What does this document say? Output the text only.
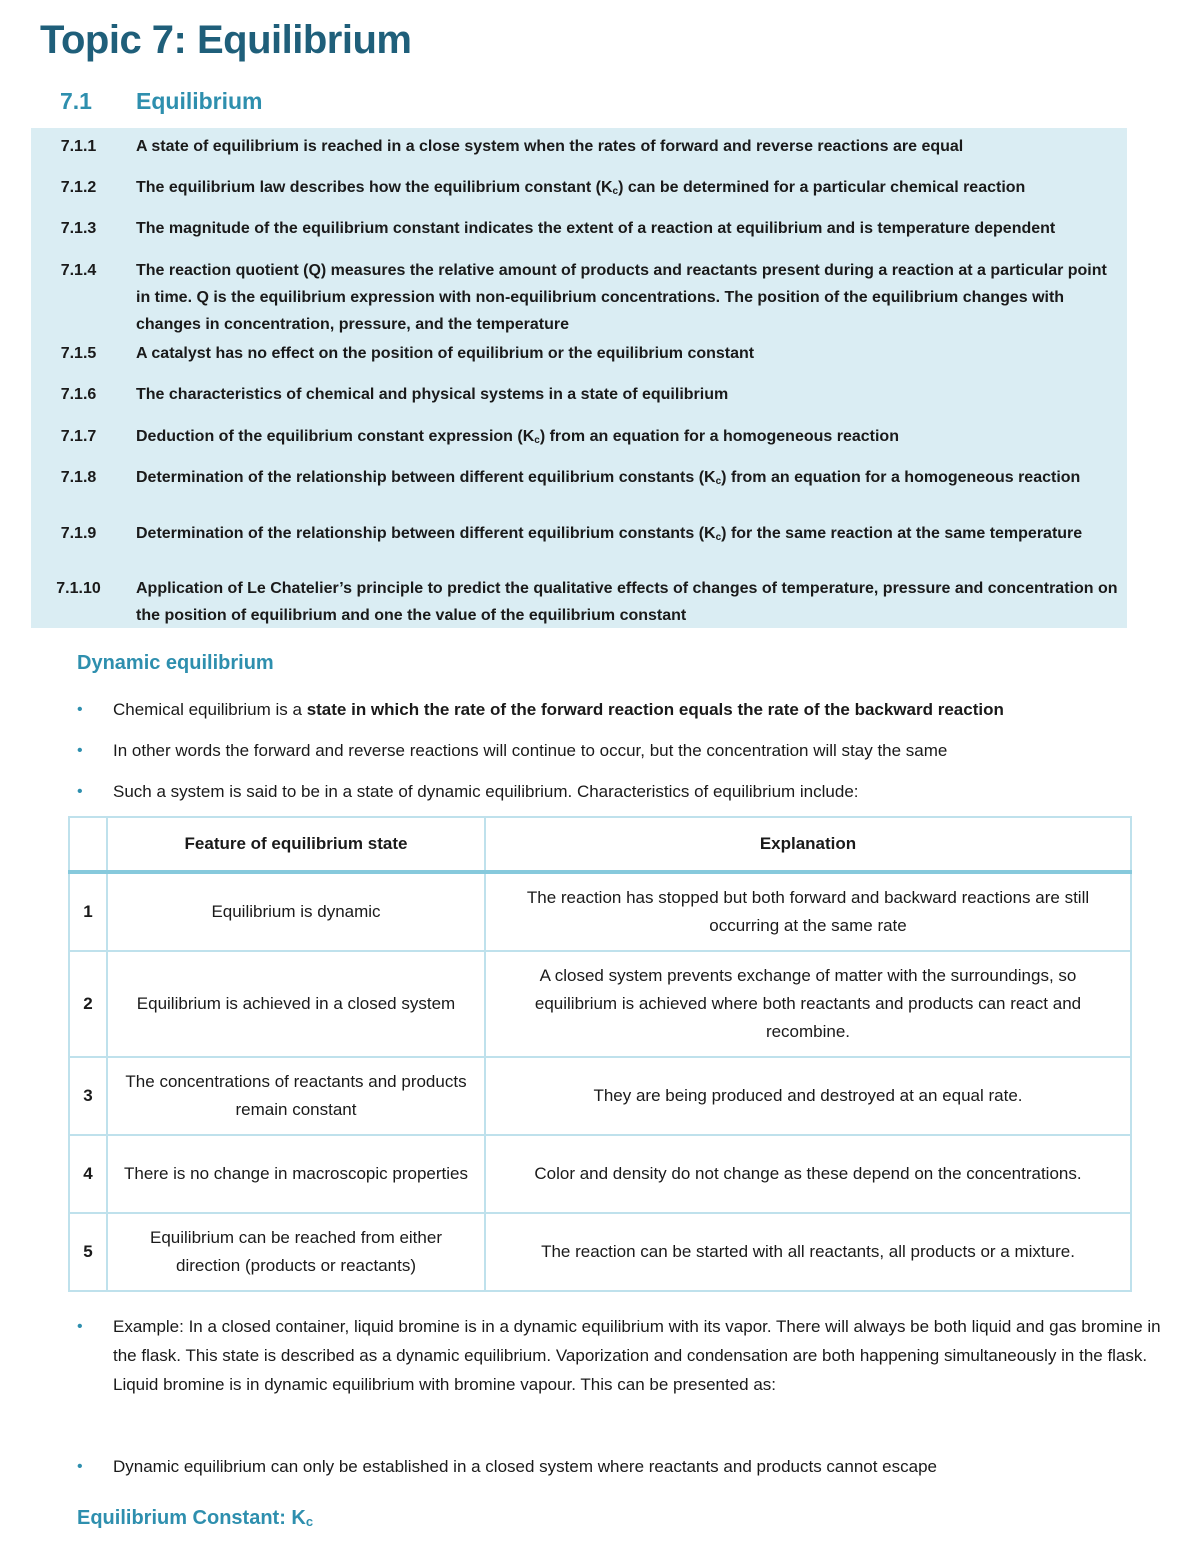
Topic 7: Equilibrium
7.1 Equilibrium
7.1.1	A state of equilibrium is reached in a close system when the rates of forward and reverse reactions are equal
7.1.2	The equilibrium law describes how the equilibrium constant $(K_c)$ can be determined for a particular chemical reaction
7.1.3	The magnitude of the equilibrium constant indicates the extent of a reaction at equilibrium and is temperature dependent
7.1.4	The reaction quotient (Q) measures the relative amount of products and reactants present during a reaction at a particular point in time. Q is the equilibrium expression with non-equilibrium concentrations. The position of the equilibrium changes with changes in concentration, pressure, and the temperature
7.1.5	A catalyst has no effect on the position of equilibrium or the equilibrium constant
7.1.6	The characteristics of chemical and physical systems in a state of equilibrium
7.1.7	Deduction of the equilibrium constant expression $(K_c)$ from an equation for a homogeneous reaction
7.1.8	Determination of the relationship between different equilibrium constants $(K_c)$ from an equation for a homogeneous reaction
7.1.9	Determination of the relationship between different equilibrium constants $(K_c)$ for the same reaction at the same temperature
7.1.10	Application of Le Chatelier’s principle to predict the qualitative effects of changes of temperature, pressure and concentration on the position of equilibrium and one the value of the equilibrium constant
Dynamic equilibrium
• Chemical equilibrium is a state in which the rate of the forward reaction equals the rate of the backward reaction
• In other words the forward and reverse reactions will continue to occur, but the concentration will stay the same
• Such a system is said to be in a state of dynamic equilibrium. Characteristics of equilibrium include:
	Feature of equilibrium state	Explanation
1	Equilibrium is dynamic	The reaction has stopped but both forward and backward reactions are still occurring at the same rate
2	Equilibrium is achieved in a closed system	A closed system prevents exchange of matter with the surroundings, so equilibrium is achieved where both reactants and products can react and recombine.
3	The concentrations of reactants and products remain constant	They are being produced and destroyed at an equal rate.
4	There is no change in macroscopic properties	Color and density do not change as these depend on the concentrations.
5	Equilibrium can be reached from either direction (products or reactants)	The reaction can be started with all reactants, all products or a mixture.
• Example: In a closed container, liquid bromine is in a dynamic equilibrium with its vapor. There will always be both liquid and gas bromine in the flask. This state is described as a dynamic equilibrium. Vaporization and condensation are both happening simultaneously in the flask. Liquid bromine is in dynamic equilibrium with bromine vapour. This can be presented as:
• Dynamic equilibrium can only be established in a closed system where reactants and products cannot escape
Equilibrium Constant: Kc
